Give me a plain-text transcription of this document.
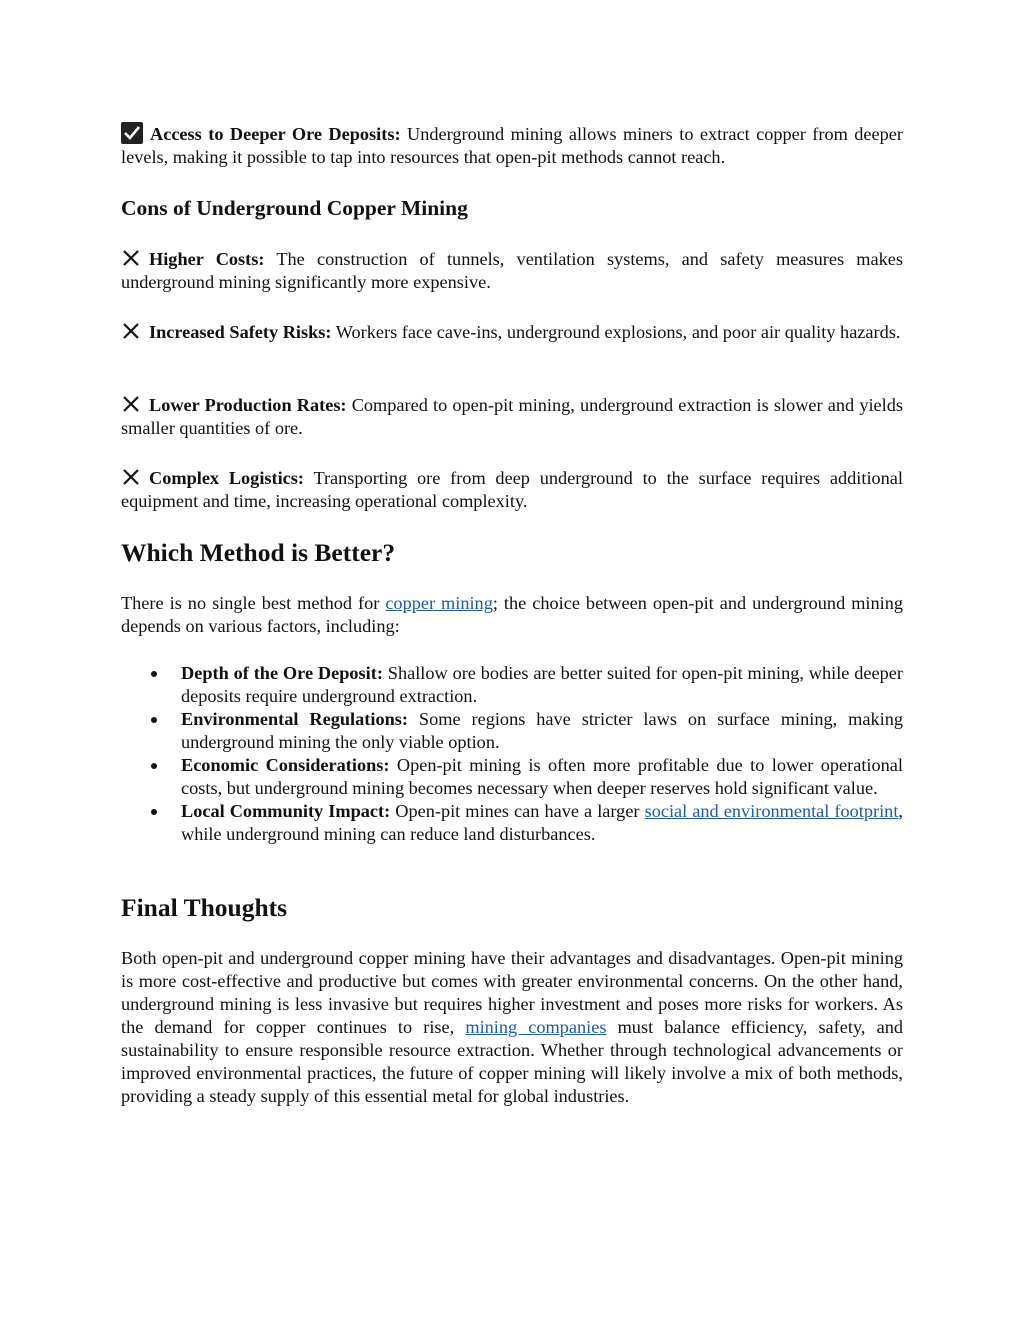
Access to Deeper Ore Deposits: Underground mining allows miners to extract copper from deeper levels, making it possible to tap into resources that open-pit methods cannot reach.

Cons of Underground Copper Mining

Higher Costs: The construction of tunnels, ventilation systems, and safety measures makes underground mining significantly more expensive.

Increased Safety Risks: Workers face cave-ins, underground explosions, and poor air quality hazards.

Lower Production Rates: Compared to open-pit mining, underground extraction is slower and yields smaller quantities of ore.

Complex Logistics: Transporting ore from deep underground to the surface requires additional equipment and time, increasing operational complexity.

Which Method is Better?

There is no single best method for copper mining; the choice between open-pit and underground mining depends on various factors, including:

Depth of the Ore Deposit: Shallow ore bodies are better suited for open-pit mining, while deeper deposits require underground extraction.
Environmental Regulations: Some regions have stricter laws on surface mining, making underground mining the only viable option.
Economic Considerations: Open-pit mining is often more profitable due to lower operational costs, but underground mining becomes necessary when deeper reserves hold significant value.
Local Community Impact: Open-pit mines can have a larger social and environmental footprint, while underground mining can reduce land disturbances.
Final Thoughts

Both open-pit and underground copper mining have their advantages and disadvantages. Open-pit mining is more cost-effective and productive but comes with greater environmental concerns. On the other hand, underground mining is less invasive but requires higher investment and poses more risks for workers. As the demand for copper continues to rise, mining companies must balance efficiency, safety, and sustainability to ensure responsible resource extraction. Whether through technological advancements or improved environmental practices, the future of copper mining will likely involve a mix of both methods, providing a steady supply of this essential metal for global industries.
